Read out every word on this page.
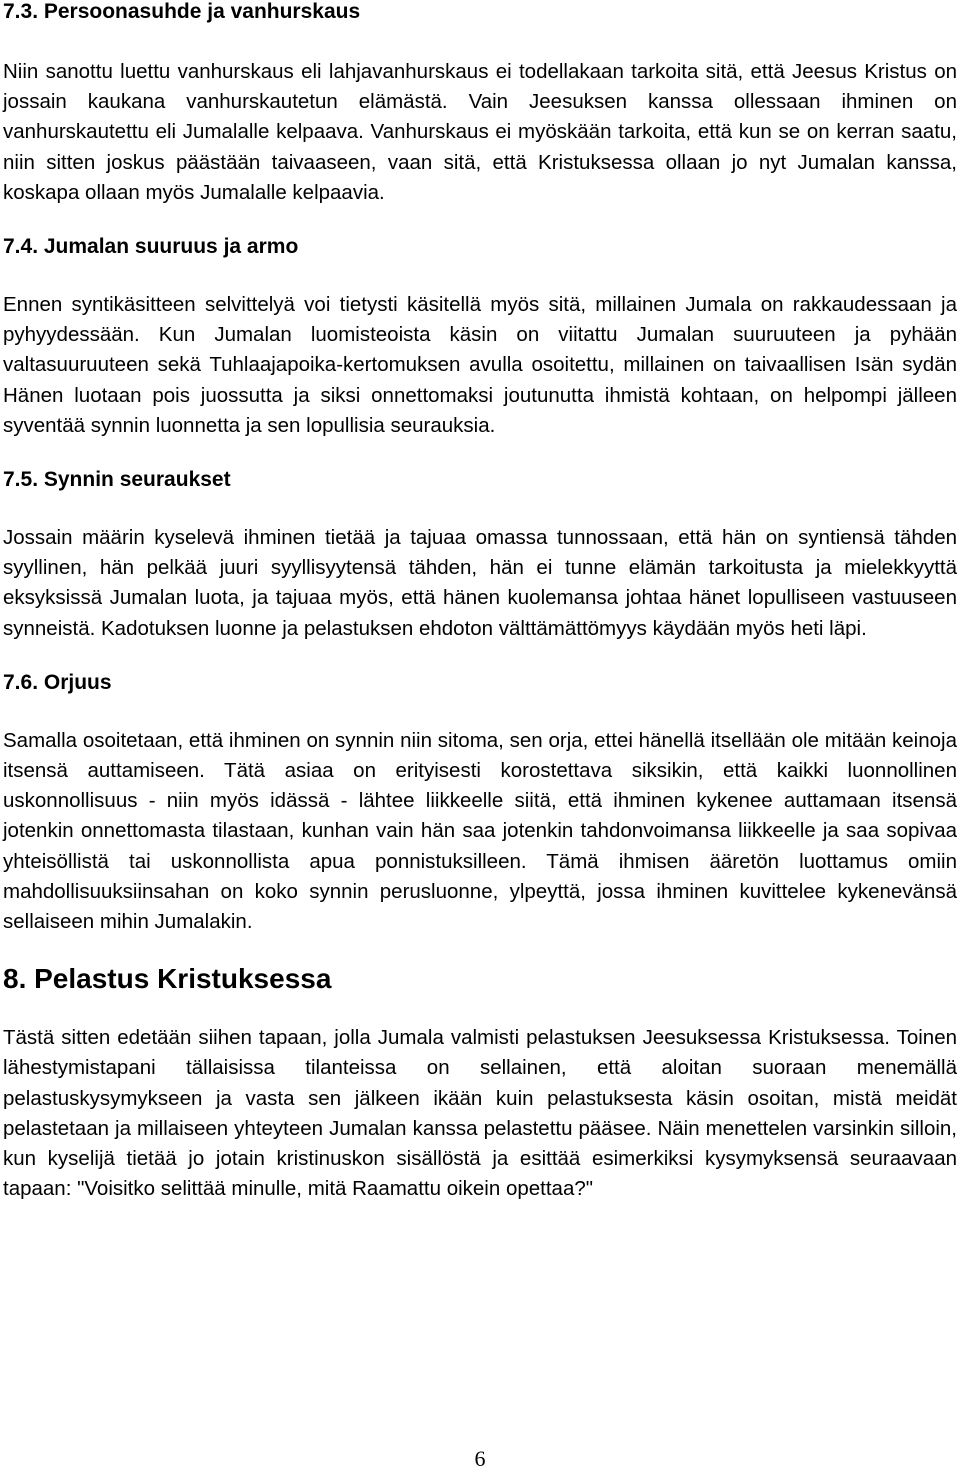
7.3. Persoonasuhde ja vanhurskaus

Niin sanottu luettu vanhurskaus eli lahjavanhurskaus ei todellakaan tarkoita sitä, että Jeesus Kristus on jossain kaukana vanhurskautetun elämästä. Vain Jeesuksen kanssa ollessaan ihminen on vanhurskautettu eli Jumalalle kelpaava. Vanhurskaus ei myöskään tarkoita, että kun se on kerran saatu, niin sitten joskus päästään taivaaseen, vaan sitä, että Kristuksessa ollaan jo nyt Jumalan kanssa, koskapa ollaan myös Jumalalle kelpaavia.

7.4. Jumalan suuruus ja armo

Ennen syntikäsitteen selvittelyä voi tietysti käsitellä myös sitä, millainen Jumala on rakkaudessaan ja pyhyydessään. Kun Jumalan luomisteoista käsin on viitattu Jumalan suuruuteen ja pyhään valtasuuruuteen sekä Tuhlaajapoika-kertomuksen avulla osoitettu, millainen on taivaallisen Isän sydän Hänen luotaan pois juossutta ja siksi onnettomaksi joutunutta ihmistä kohtaan, on helpompi jälleen syventää synnin luonnetta ja sen lopullisia seurauksia.

7.5. Synnin seuraukset

Jossain määrin kyselevä ihminen tietää ja tajuaa omassa tunnossaan, että hän on syntiensä tähden syyllinen, hän pelkää juuri syyllisyytensä tähden, hän ei tunne elämän tarkoitusta ja mielekkyyttä eksyksissä Jumalan luota, ja tajuaa myös, että hänen kuolemansa johtaa hänet lopulliseen vastuuseen synneistä. Kadotuksen luonne ja pelastuksen ehdoton välttämättömyys käydään myös heti läpi.

7.6. Orjuus

Samalla osoitetaan, että ihminen on synnin niin sitoma, sen orja, ettei hänellä itsellään ole mitään keinoja itsensä auttamiseen. Tätä asiaa on erityisesti korostettava siksikin, että kaikki luonnollinen uskonnollisuus - niin myös idässä - lähtee liikkeelle siitä, että ihminen kykenee auttamaan itsensä jotenkin onnettomasta tilastaan, kunhan vain hän saa jotenkin tahdonvoimansa liikkeelle ja saa sopivaa yhteisöllistä tai uskonnollista apua ponnistuksilleen. Tämä ihmisen ääretön luottamus omiin mahdollisuuksiinsahan on koko synnin perusluonne, ylpeyttä, jossa ihminen kuvittelee kykenevänsä sellaiseen mihin Jumalakin.

8. Pelastus Kristuksessa

Tästä sitten edetään siihen tapaan, jolla Jumala valmisti pelastuksen Jeesuksessa Kristuksessa. Toinen lähestymistapani tällaisissa tilanteissa on sellainen, että aloitan suoraan menemällä pelastuskysymykseen ja vasta sen jälkeen ikään kuin pelastuksesta käsin osoitan, mistä meidät pelastetaan ja millaiseen yhteyteen Jumalan kanssa pelastettu pääsee. Näin menettelen varsinkin silloin, kun kyselijä tietää jo jotain kristinuskon sisällöstä ja esittää esimerkiksi kysymyksensä seuraavaan tapaan: "Voisitko selittää minulle, mitä Raamattu oikein opettaa?"

6
